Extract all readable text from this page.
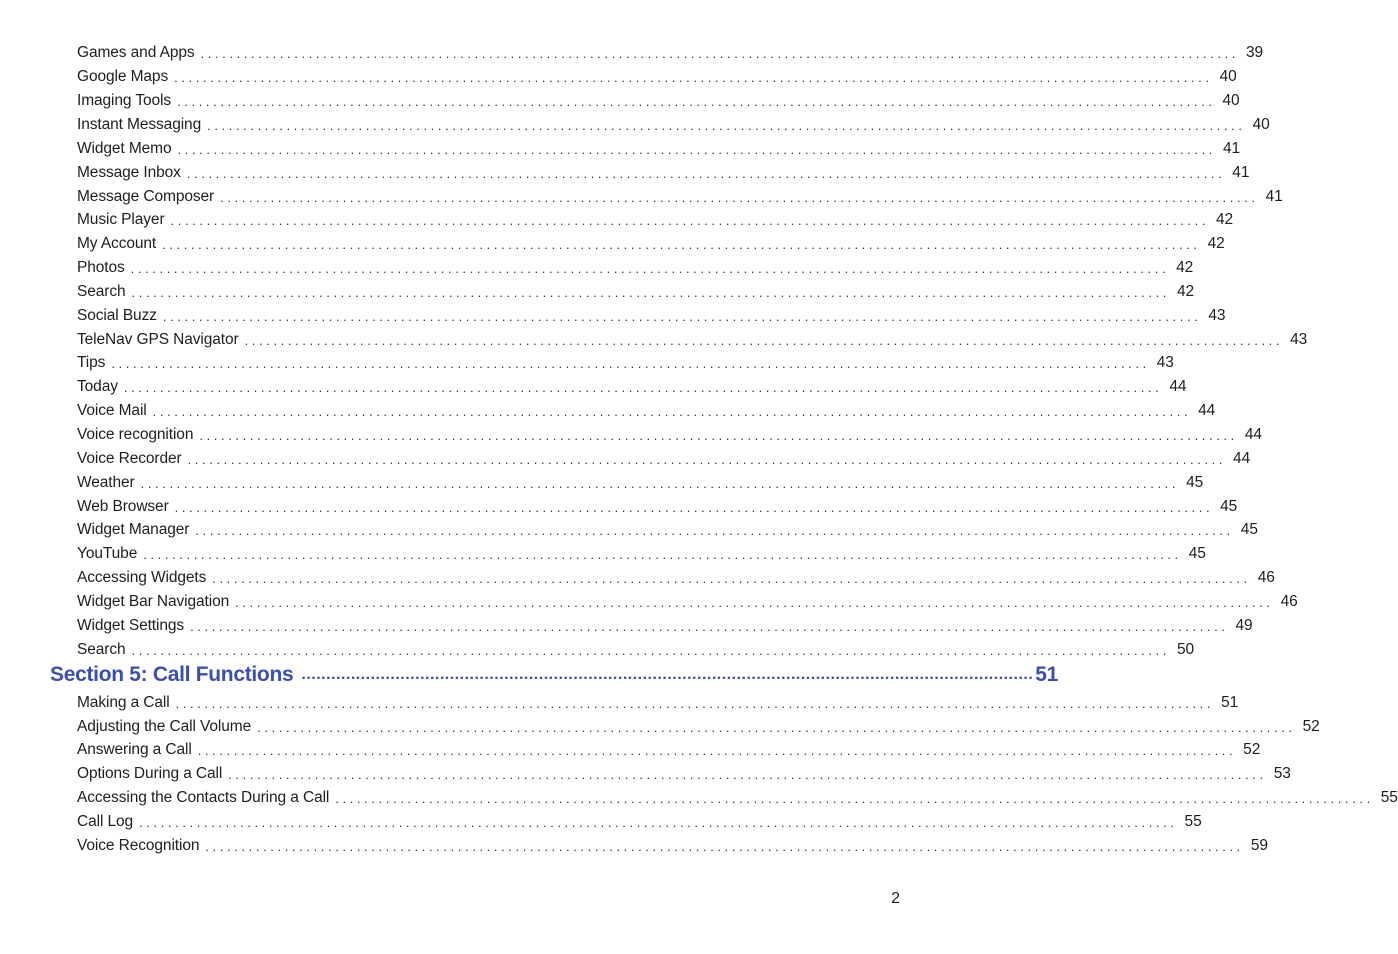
Games and Apps ................................................................................................................................................ 39
Google Maps ................................................................................................................................................ 40
Imaging Tools ................................................................................................................................................ 40
Instant Messaging ................................................................................................................................................ 40
Widget Memo ................................................................................................................................................ 41
Message Inbox ................................................................................................................................................ 41
Message Composer ................................................................................................................................................ 41
Music Player ................................................................................................................................................ 42
My Account ................................................................................................................................................ 42
Photos ................................................................................................................................................ 42
Search ................................................................................................................................................ 42
Social Buzz ................................................................................................................................................ 43
TeleNav GPS Navigator ................................................................................................................................................ 43
Tips ................................................................................................................................................ 43
Today ................................................................................................................................................ 44
Voice Mail ................................................................................................................................................ 44
Voice recognition ................................................................................................................................................ 44
Voice Recorder ................................................................................................................................................ 44
Weather ................................................................................................................................................ 45
Web Browser ................................................................................................................................................ 45
Widget Manager ................................................................................................................................................ 45
YouTube ................................................................................................................................................ 45
Accessing Widgets ................................................................................................................................................ 46
Widget Bar Navigation ................................................................................................................................................ 46
Widget Settings ................................................................................................................................................ 49
Search ................................................................................................................................................ 50
Section 5: Call Functions .................................................................................................................................................... 51
Making a Call ................................................................................................................................................ 51
Adjusting the Call Volume ................................................................................................................................................ 52
Answering a Call ................................................................................................................................................ 52
Options During a Call ................................................................................................................................................ 53
Accessing the Contacts During a Call ................................................................................................................................................ 55
Call Log ................................................................................................................................................ 55
Voice Recognition ................................................................................................................................................ 59
2
